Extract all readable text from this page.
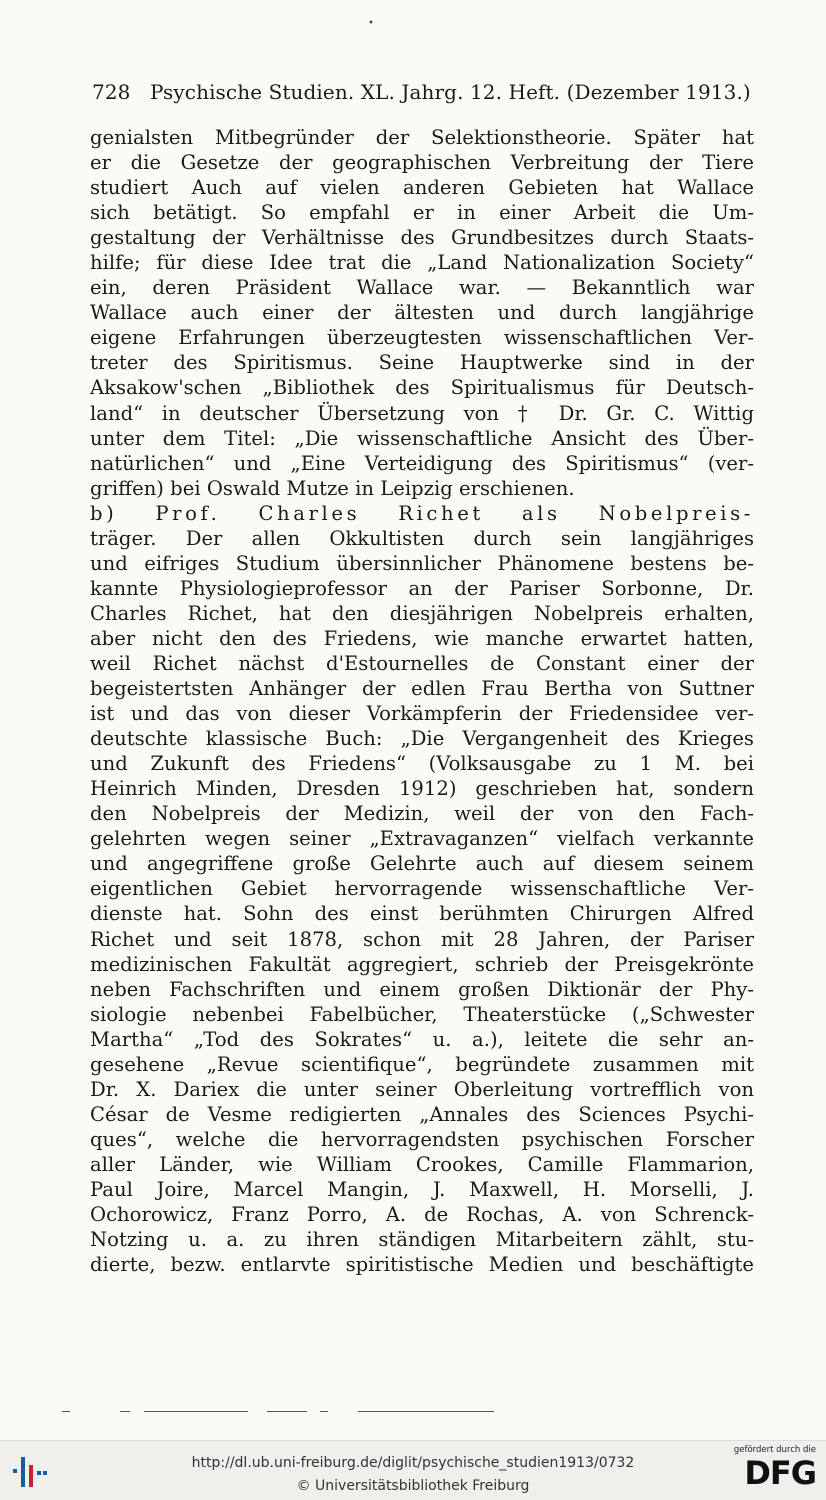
•
728 Psychische Studien. XL. Jahrg. 12. Heft. (Dezember 1913.)
genialsten Mitbegründer der Selektionstheorie. Später hat
er die Gesetze der geographischen Verbreitung der Tiere
studiert Auch auf vielen anderen Gebieten hat Wallace
sich betätigt. So empfahl er in einer Arbeit die Um-
gestaltung der Verhältnisse des Grundbesitzes durch Staats-
hilfe; für diese Idee trat die „Land Nationalization Society“
ein, deren Präsident Wallace war. — Bekanntlich war
Wallace auch einer der ältesten und durch langjährige
eigene Erfahrungen überzeugtesten wissenschaftlichen Ver-
treter des Spiritismus. Seine Hauptwerke sind in der
Aksakow'schen „Bibliothek des Spiritualismus für Deutsch-
land“ in deutscher Übersetzung von † Dr. Gr. C. Wittig
unter dem Titel: „Die wissenschaftliche Ansicht des Über-
natürlichen“ und „Eine Verteidigung des Spiritismus“ (ver-
griffen) bei Oswald Mutze in Leipzig erschienen.
b) Prof. Charles Richet als Nobelpreis-
träger. Der allen Okkultisten durch sein langjähriges
und eifriges Studium übersinnlicher Phänomene bestens be-
kannte Physiologieprofessor an der Pariser Sorbonne, Dr.
Charles Richet, hat den diesjährigen Nobelpreis erhalten,
aber nicht den des Friedens, wie manche erwartet hatten,
weil Richet nächst d'Estournelles de Constant einer der
begeistertsten Anhänger der edlen Frau Bertha von Suttner
ist und das von dieser Vorkämpferin der Friedensidee ver-
deutschte klassische Buch: „Die Vergangenheit des Krieges
und Zukunft des Friedens“ (Volksausgabe zu 1 M. bei
Heinrich Minden, Dresden 1912) geschrieben hat, sondern
den Nobelpreis der Medizin, weil der von den Fach-
gelehrten wegen seiner „Extravaganzen“ vielfach verkannte
und angegriffene große Gelehrte auch auf diesem seinem
eigentlichen Gebiet hervorragende wissenschaftliche Ver-
dienste hat. Sohn des einst berühmten Chirurgen Alfred
Richet und seit 1878, schon mit 28 Jahren, der Pariser
medizinischen Fakultät aggregiert, schrieb der Preisgekrönte
neben Fachschriften und einem großen Diktionär der Phy-
siologie nebenbei Fabelbücher, Theaterstücke („Schwester
Martha“ „Tod des Sokrates“ u. a.), leitete die sehr an-
gesehene „Revue scientifique“, begründete zusammen mit
Dr. X. Dariex die unter seiner Oberleitung vortrefflich von
César de Vesme redigierten „Annales des Sciences Psychi-
ques“, welche die hervorragendsten psychischen Forscher
aller Länder, wie William Crookes, Camille Flammarion,
Paul Joire, Marcel Mangin, J. Maxwell, H. Morselli, J.
Ochorowicz, Franz Porro, A. de Rochas, A. von Schrenck-
Notzing u. a. zu ihren ständigen Mitarbeitern zählt, stu-
dierte, bezw. entlarvte spiritistische Medien und beschäftigte
http://dl.ub.uni-freiburg.de/diglit/psychische_studien1913/0732
© Universitätsbibliothek Freiburg
gefördert durch die
DFG
